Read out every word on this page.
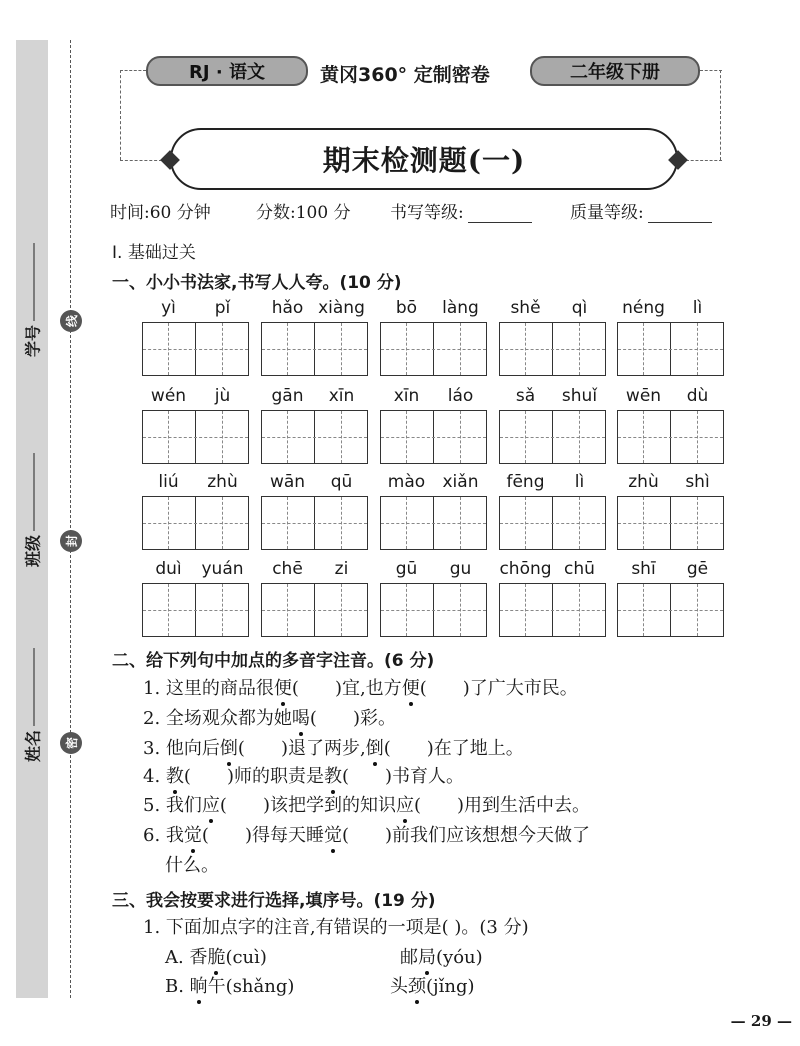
学号
班级
姓名
线
封
密
RJ · 语文	黄冈360° 定制密卷	二年级下册
期末检测题(一)
时间:60 分钟	分数:100 分 书写等级:	质量等级:
Ⅰ. 基础过关
一、小小书法家,书写人人夸。(10 分)
yì	pǐ	hǎo xiàng	bō	làng	shě	qì	néng	lì
wén	jù	gān	xīn	xīn	láo	sǎ	shuǐ	wēn	dù
liú	zhù	wān	qū	mào	xiǎn	fēng	lì	zhù	shì
duì	yuán	chē	zi	gū	gu	chōng chū	shī	gē
二、给下列句中加点的多音字注音。(6 分)
1. 这里的商品很便( )宜,也方便( )了广大市民。
2. 全场观众都为她喝( )彩。
3. 他向后倒( )退了两步,倒( )在了地上。
4. 教( )师的职责是教( )书育人。
5. 我们应( )该把学到的知识应( )用到生活中去。
6. 我觉( )得每天睡觉( )前我们应该想想今天做了
什么。
三、我会按要求进行选择,填序号。(19 分)
1. 下面加点字的注音,有错误的一项是( )。(3 分)
A. 香脆(cuì)	邮局(yóu)
B. 晌午(shǎng)	头颈(jǐng)
— 29 —
